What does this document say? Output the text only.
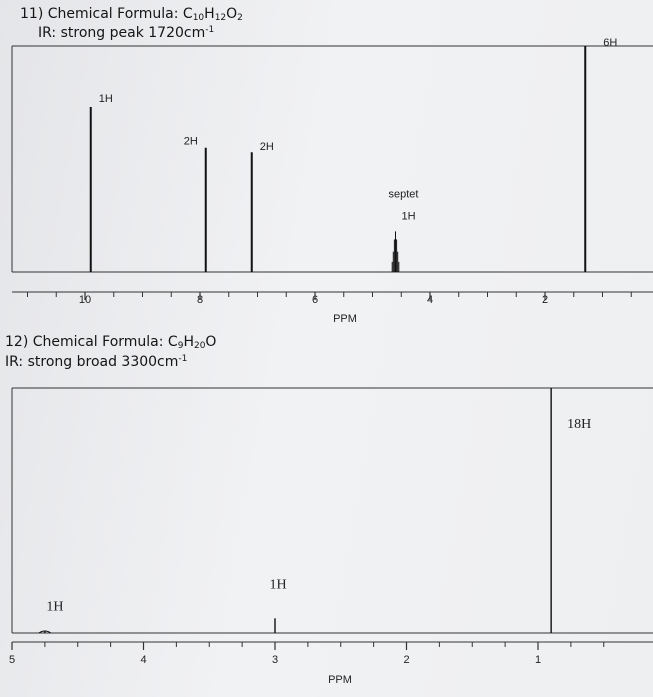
11) Chemical Formula: $C_{10}H_{12}O_2$
IR: strong peak $1720cm^{-1}$
10	8	6	4	2
PPM
1H
2H	2H
1H
septet
6H
12) Chemical Formula: $C_9H_{20}O$
IR: strong broad $3300cm^{-1}$
5	4	3	2	1
PPM
1H
1H
18H
